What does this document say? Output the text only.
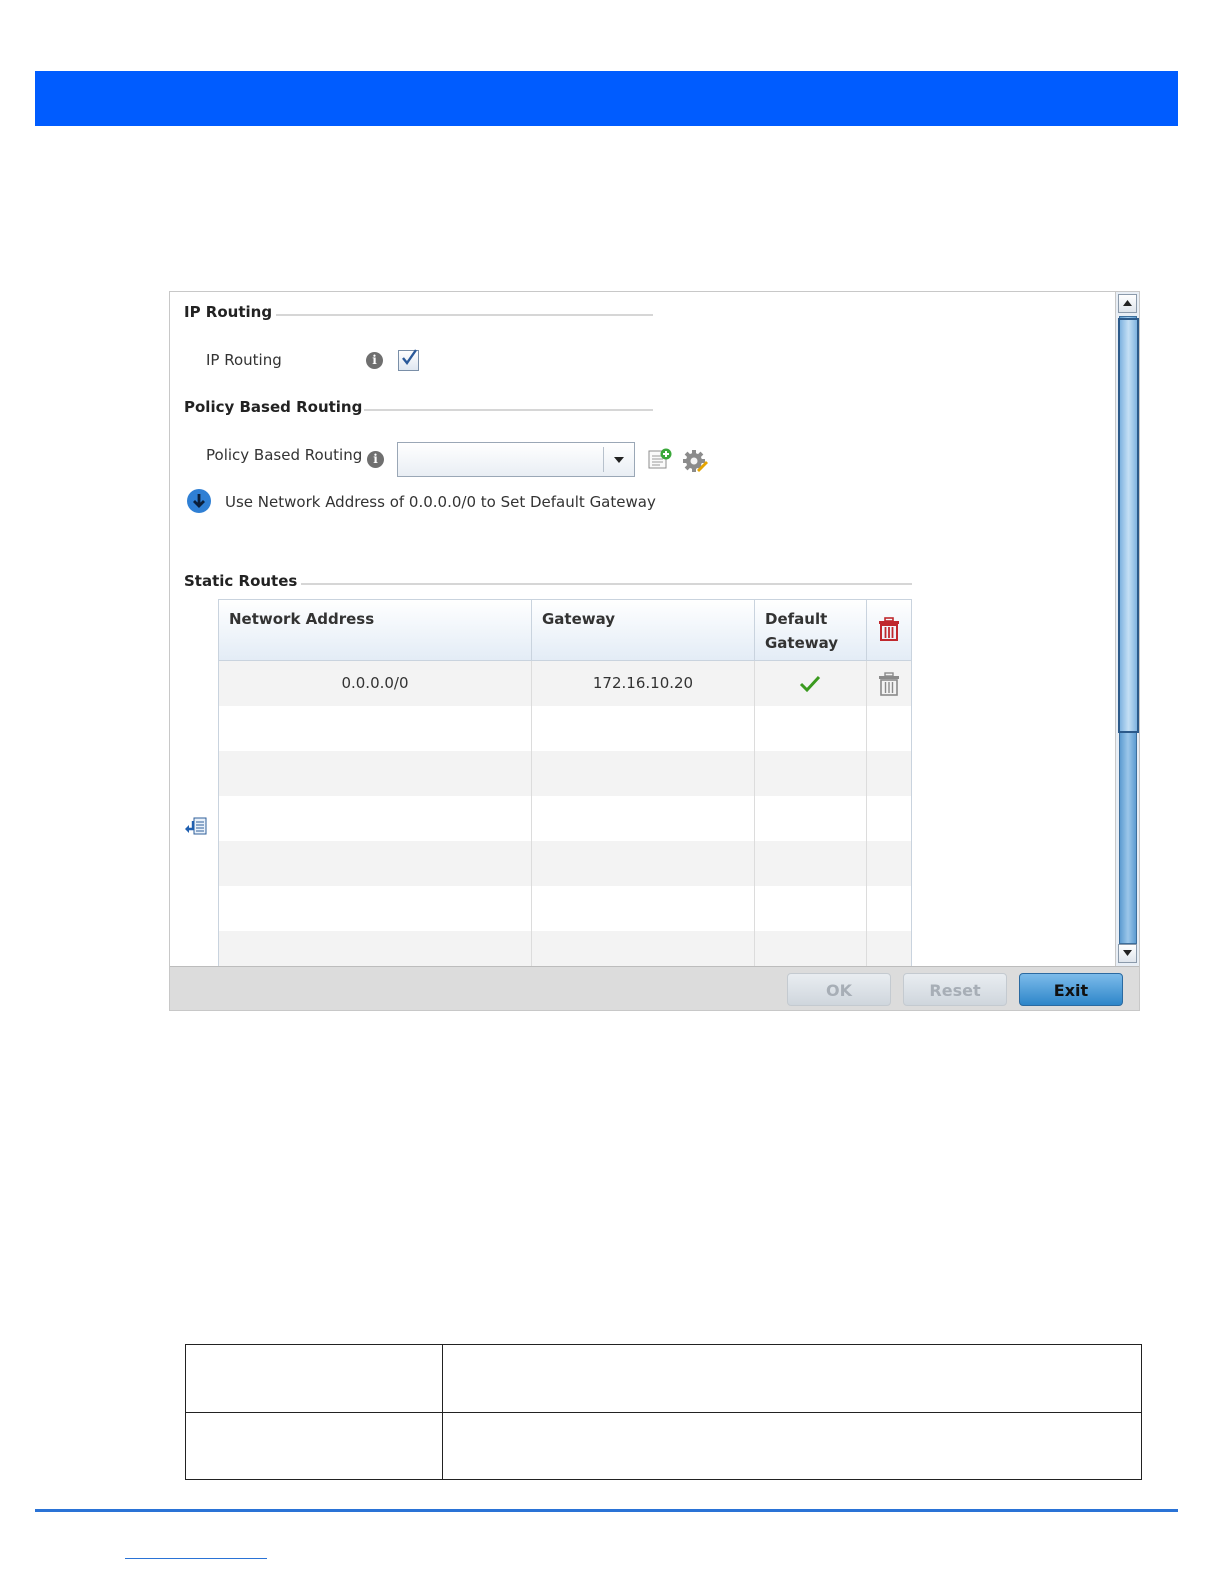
IP Routing
IP Routing	i
Policy Based Routing
Policy Based Routing i
Use Network Address of 0.0.0.0/0 to Set Default Gateway
Static Routes
Network Address	Gateway	Default Gateway
0.0.0.0/0	172.16.10.20
OK	Reset	Exit
